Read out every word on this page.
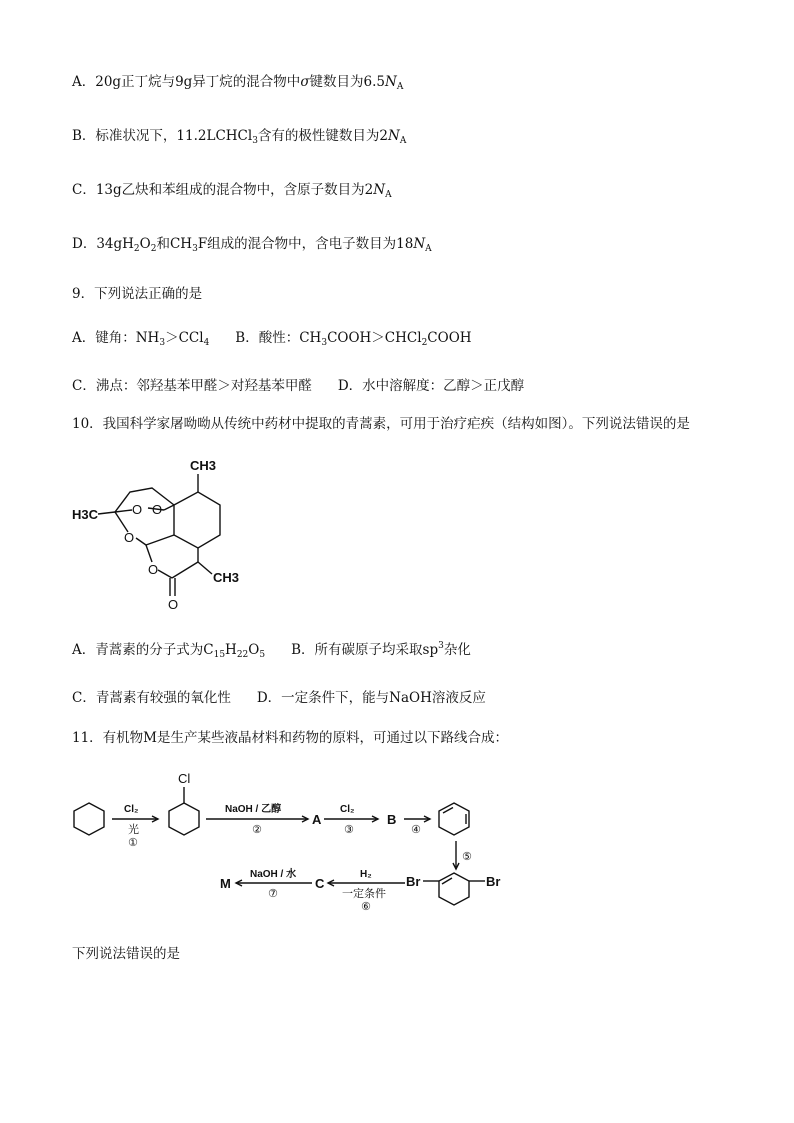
A．20g正丁烷与9g异丁烷的混合物中σ键数目为$6.5N_A$
B．标准状况下，11.2LCHCl$_3$含有的极性键数目为$2N_A$
C．13g乙炔和苯组成的混合物中，含原子数目为$2N_A$
D．$34gH_2O_2$和$CH_3F$组成的混合物中，含电子数目为$18N_A$
9．下列说法正确的是
A．键角：$NH_3>CCl_4$ B．酸性：$CH_3COOH>CHCl_2COOH$
C．沸点：邻羟基苯甲醛＞对羟基苯甲醛 D．水中溶解度：乙醇＞正戊醇
10．我国科学家屠呦呦从传统中药材中提取的青蒿素，可用于治疗疟疾（结构如图）。下列说法错误的是
CH3
H3C
CH3
O O
O
O
O
A．青蒿素的分子式为$C_{15}H_{22}O_5$ B．所有碳原子均采取$sp^3$杂化
C．青蒿素有较强的氧化性 D．一定条件下，能与NaOH溶液反应
11．有机物M是生产某些液晶材料和药物的原料，可通过以下路线合成：
Cl
Cl₂
光
①
NaOH / 乙醇
②
A
Cl₂
③
B
④
⑤
Br	Br
H₂
一定条件
⑥
C
NaOH / 水
⑦
M
下列说法错误的是
